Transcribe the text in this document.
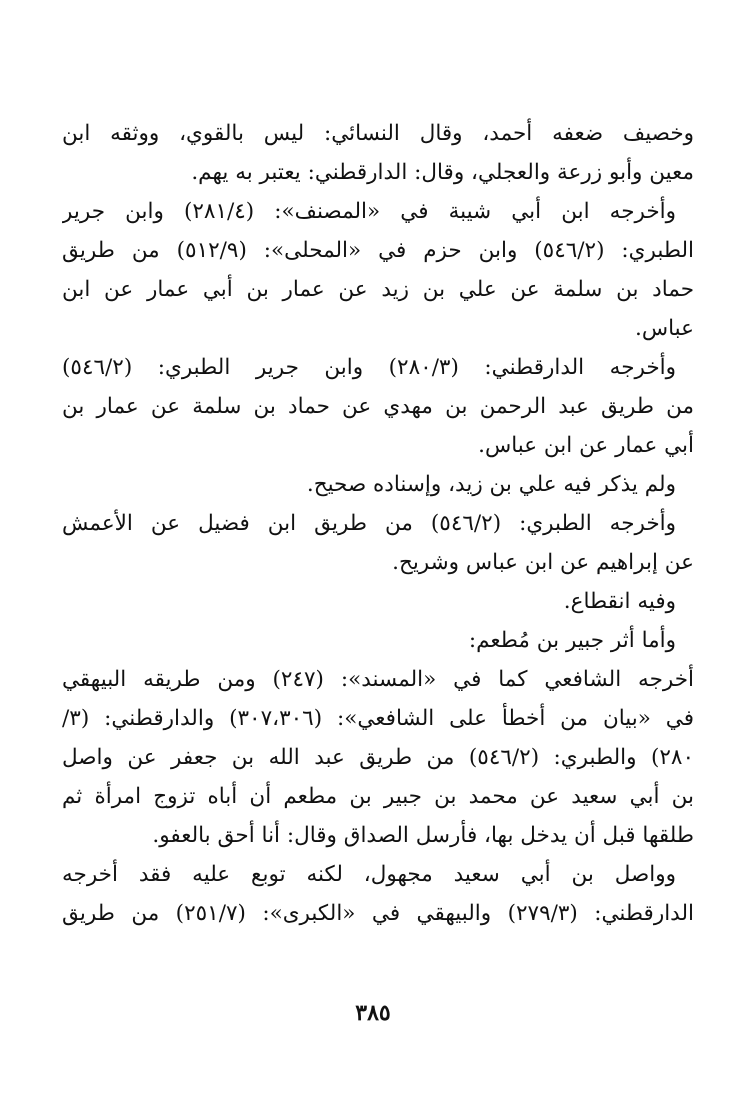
وخصيف ضعفه أحمد، وقال النسائي: ليس بالقوي، ووثقه ابن
معين وأبو زرعة والعجلي، وقال: الدارقطني: يعتبر به يهم.

وأخرجه ابن أبي شيبة في «المصنف»: (٢٨١/٤) وابن جرير
الطبري: (٥٤٦/٢) وابن حزم في «المحلى»: (٥١٢/٩) من طريق
حماد بن سلمة عن علي بن زيد عن عمار بن أبي عمار عن ابن
عباس.

وأخرجه الدارقطني: (٢٨٠/٣) وابن جرير الطبري: (٥٤٦/٢)
من طريق عبد الرحمن بن مهدي عن حماد بن سلمة عن عمار بن
أبي عمار عن ابن عباس.

ولم يذكر فيه علي بن زيد، وإسناده صحيح.

وأخرجه الطبري: (٥٤٦/٢) من طريق ابن فضيل عن الأعمش
عن إبراهيم عن ابن عباس وشريح.

وفيه انقطاع.

وأما أثر جبير بن مُطعم:

أخرجه الشافعي كما في «المسند»: (٢٤٧) ومن طريقه البيهقي
في «بيان من أخطأ على الشافعي»: (٣٠٧،٣٠٦) والدارقطني: (٣/
٢٨٠) والطبري: (٥٤٦/٢) من طريق عبد الله بن جعفر عن واصل
بن أبي سعيد عن محمد بن جبير بن مطعم أن أباه تزوج امرأة ثم
طلقها قبل أن يدخل بها، فأرسل الصداق وقال: أنا أحق بالعفو.

وواصل بن أبي سعيد مجهول، لكنه توبع عليه فقد أخرجه
الدارقطني: (٢٧٩/٣) والبيهقي في «الكبرى»: (٢٥١/٧) من طريق

٣٨٥
